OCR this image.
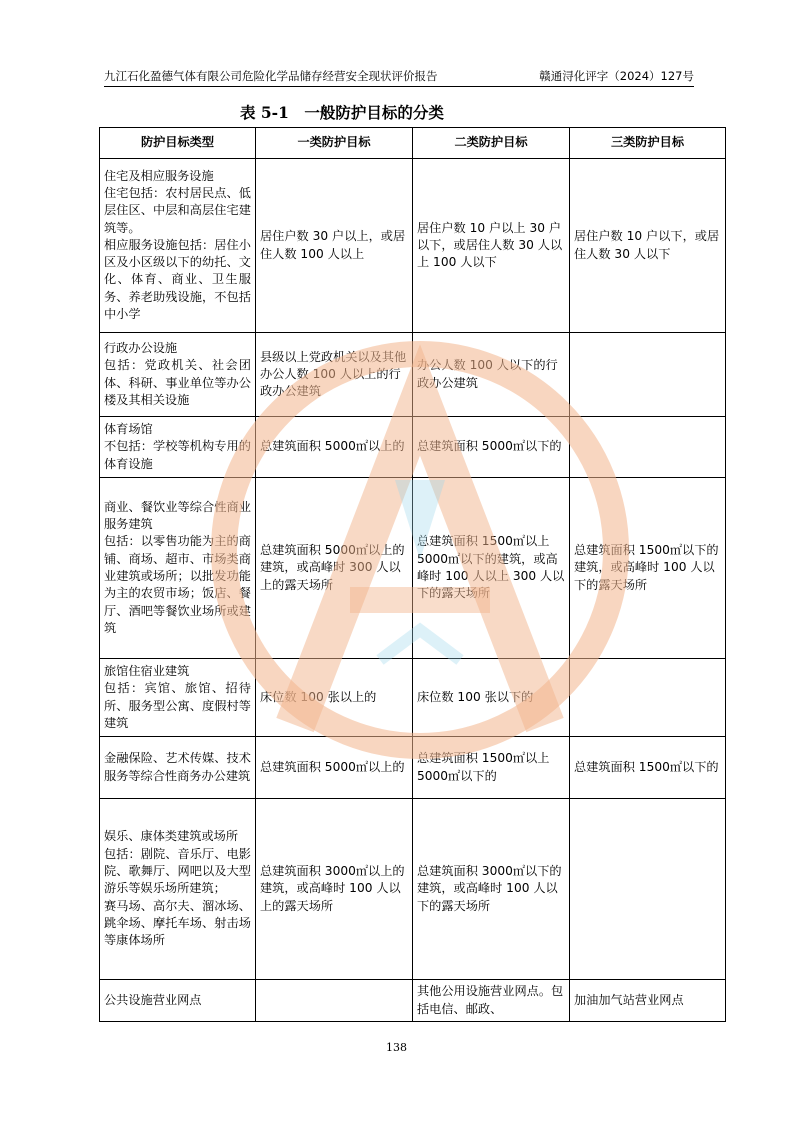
九江石化盈德气体有限公司危险化学品储存经营安全现状评价报告	赣通浔化评字（2024）127号
表 5-1　一般防护目标的分类
防护目标类型	一类防护目标	二类防护目标	三类防护目标
住宅及相应服务设施
住宅包括：农村居民点、低层住区、中层和高层住宅建筑等。
相应服务设施包括：居住小区及小区级以下的幼托、文化、体育、商业、卫生服务、养老助残设施，不包括中小学	居住户数 30 户以上，或居住人数 100 人以上	居住户数 10 户以上 30 户以下，或居住人数 30 人以上 100 人以下	居住户数 10 户以下，或居住人数 30 人以下
行政办公设施
包括：党政机关、社会团体、科研、事业单位等办公楼及其相关设施	县级以上党政机关以及其他办公人数 100 人以上的行政办公建筑	办公人数 100 人以下的行政办公建筑	
体育场馆
不包括：学校等机构专用的体育设施	总建筑面积 5000㎡以上的	总建筑面积 5000㎡以下的	
商业、餐饮业等综合性商业服务建筑
包括：以零售功能为主的商铺、商场、超市、市场类商业建筑或场所；以批发功能为主的农贸市场；饭店、餐厅、酒吧等餐饮业场所或建筑	总建筑面积 5000㎡以上的建筑，或高峰时 300 人以上的露天场所	总建筑面积 1500㎡以上 5000㎡以下的建筑，或高峰时 100 人以上 300 人以下的露天场所	总建筑面积 1500㎡以下的建筑，或高峰时 100 人以下的露天场所
旅馆住宿业建筑
包括：宾馆、旅馆、招待所、服务型公寓、度假村等建筑	床位数 100 张以上的	床位数 100 张以下的	
金融保险、艺术传媒、技术服务等综合性商务办公建筑	总建筑面积 5000㎡以上的	总建筑面积 1500㎡以上 5000㎡以下的	总建筑面积 1500㎡以下的
娱乐、康体类建筑或场所
包括：剧院、音乐厅、电影院、歌舞厅、网吧以及大型游乐等娱乐场所建筑；
赛马场、高尔夫、溜冰场、跳伞场、摩托车场、射击场等康体场所	总建筑面积 3000㎡以上的建筑，或高峰时 100 人以上的露天场所	总建筑面积 3000㎡以下的建筑，或高峰时 100 人以下的露天场所	
公共设施营业网点		其他公用设施营业网点。包括电信、邮政、	加油加气站营业网点
138
